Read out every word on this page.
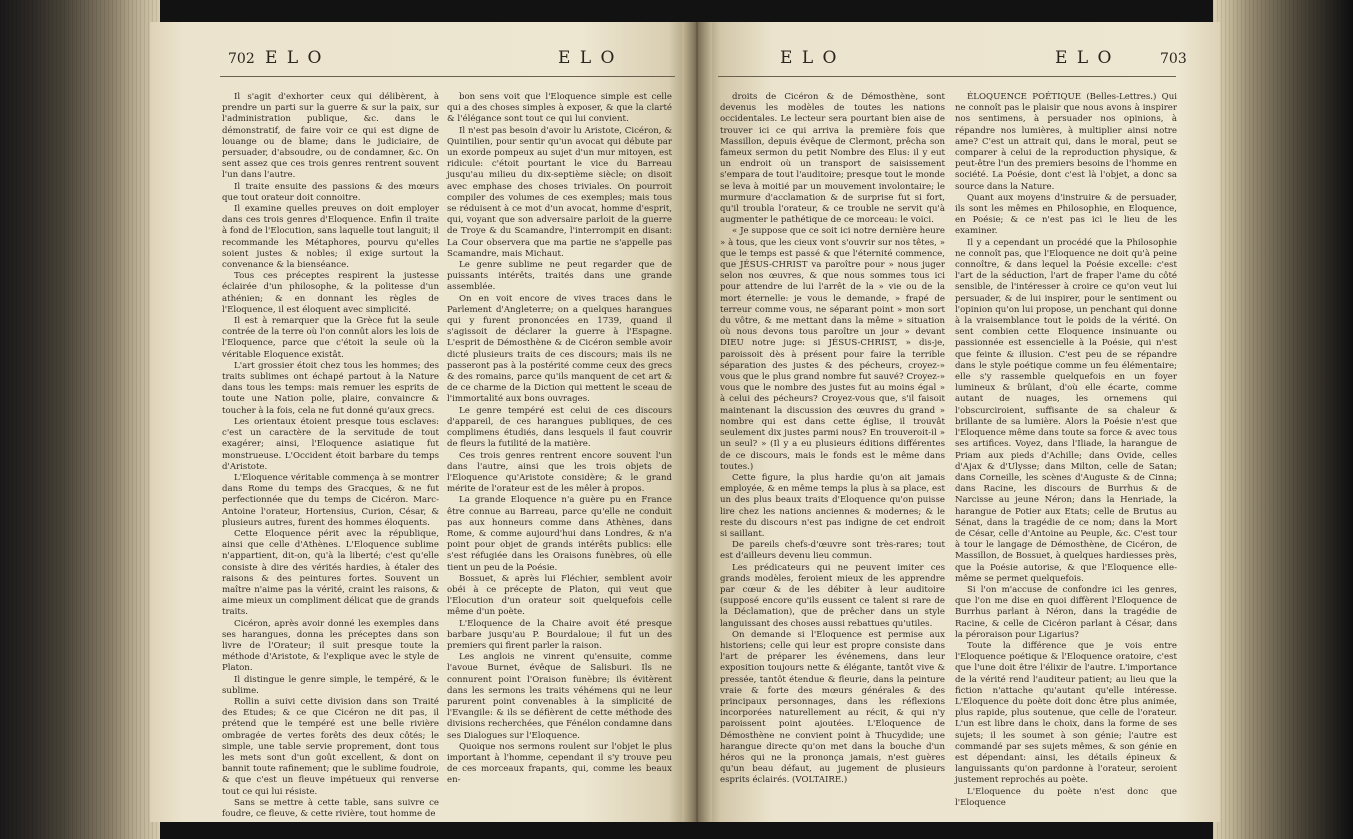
702 E L O	E L O	E L O	E L O	703

Il s'agit d'exhorter ceux qui délibèrent, à prendre un parti sur la guerre & sur la paix, sur l'administration publique, &c. dans le démonstratif, de faire voir ce qui est digne de louange ou de blame; dans le judiciaire, de persuader, d'absoudre, ou de condamner, &c. On sent assez que ces trois genres rentrent souvent l'un dans l'autre.

Il traite ensuite des passions & des mœurs que tout orateur doit connoitre.

Il examine quelles preuves on doit employer dans ces trois genres d'Eloquence. Enfin il traite à fond de l'Elocution, sans laquelle tout languit; il recommande les Métaphores, pourvu qu'elles soient justes & nobles; il exige surtout la convenance & la bienséance.

Tous ces préceptes respirent la justesse éclairée d'un philosophe, & la politesse d'un athénien; & en donnant les règles de l'Eloquence, il est éloquent avec simplicité.

Il est à remarquer que la Grèce fut la seule contrée de la terre où l'on connût alors les lois de l'Eloquence, parce que c'étoit la seule où la véritable Eloquence existât.

L'art grossier étoit chez tous les hommes; des traits sublimes ont échapé partout à la Nature dans tous les temps: mais remuer les esprits de toute une Nation polie, plaire, convaincre & toucher à la fois, cela ne fut donné qu'aux grecs.

Les orientaux étoient presque tous esclaves: c'est un caractère de la servitude de tout exagérer; ainsi, l'Eloquence asiatique fut monstrueuse. L'Occident étoit barbare du temps d'Aristote.

L'Eloquence véritable commença à se montrer dans Rome du temps des Gracques, & ne fut perfectionnée que du temps de Cicéron. Marc-Antoine l'orateur, Hortensius, Curion, César, & plusieurs autres, furent des hommes éloquents.

Cette Eloquence périt avec la république, ainsi que celle d'Athènes. L'Eloquence sublime n'appartient, dit-on, qu'à la liberté; c'est qu'elle consiste à dire des vérités hardies, à étaler des raisons & des peintures fortes. Souvent un maître n'aime pas la vérité, craint les raisons, & aime mieux un compliment délicat que de grands traits.

Cicéron, après avoir donné les exemples dans ses harangues, donna les préceptes dans son livre de l'Orateur; il suit presque toute la méthode d'Aristote, & l'explique avec le style de Platon.

Il distingue le genre simple, le tempéré, & le sublime.

Rollin a suivi cette division dans son Traité des Etudes; & ce que Cicéron ne dit pas, il prétend que le tempéré est une belle rivière ombragée de vertes forêts des deux côtés; le simple, une table servie proprement, dont tous les mets sont d'un goût excellent, & dont on bannit toute rafinement; que le sublime foudroie, & que c'est un fleuve impétueux qui renverse tout ce qui lui résiste.

Sans se mettre à cette table, sans suivre ce foudre, ce fleuve, & cette rivière, tout homme de

bon sens voit que l'Eloquence simple est celle qui a des choses simples à exposer, & que la clarté & l'élégance sont tout ce qui lui convient.

Il n'est pas besoin d'avoir lu Aristote, Cicéron, & Quintilien, pour sentir qu'un avocat qui débute par un exorde pompeux au sujet d'un mur mitoyen, est ridicule: c'étoit pourtant le vice du Barreau jusqu'au milieu du dix-septième siècle; on disoit avec emphase des choses triviales. On pourroit compiler des volumes de ces exemples; mais tous se réduisent à ce mot d'un avocat, homme d'esprit, qui, voyant que son adversaire parloit de la guerre de Troye & du Scamandre, l'interrompit en disant: La Cour observera que ma partie ne s'appelle pas Scamandre, mais Michaut.

Le genre sublime ne peut regarder que de puissants intérêts, traités dans une grande assemblée.

On en voit encore de vives traces dans le Parlement d'Angleterre; on a quelques harangues qui y furent prononcées en 1739, quand il s'agissoit de déclarer la guerre à l'Espagne. L'esprit de Démosthène & de Cicéron semble avoir dicté plusieurs traits de ces discours; mais ils ne passeront pas à la postérité comme ceux des grecs & des romains, parce qu'ils manquent de cet art & de ce charme de la Diction qui mettent le sceau de l'immortalité aux bons ouvrages.

Le genre tempéré est celui de ces discours d'appareil, de ces harangues publiques, de ces complimens étudiés, dans lesquels il faut couvrir de fleurs la futilité de la matière.

Ces trois genres rentrent encore souvent l'un dans l'autre, ainsi que les trois objets de l'Eloquence qu'Aristote considère; & le grand mérite de l'orateur est de les mêler à propos.

La grande Eloquence n'a guère pu en France être connue au Barreau, parce qu'elle ne conduit pas aux honneurs comme dans Athènes, dans Rome, & comme aujourd'hui dans Londres, & n'a point pour objet de grands intérêts publics: elle s'est réfugiée dans les Oraisons funèbres, où elle tient un peu de la Poésie.

Bossuet, & après lui Fléchier, semblent avoir obéi à ce précepte de Platon, qui veut que l'Elocution d'un orateur soit quelquefois celle même d'un poète.

L'Eloquence de la Chaire avoit été presque barbare jusqu'au P. Bourdaloue; il fut un des premiers qui firent parler la raison.

Les anglois ne vinrent qu'ensuite, comme l'avoue Burnet, évêque de Salisburi. Ils ne connurent point l'Oraison funèbre; ils évitèrent dans les sermons les traits véhémens qui ne leur parurent point convenables à la simplicité de l'Evangile: & ils se défièrent de cette méthode des divisions recherchées, que Fénélon condamne dans ses Dialogues sur l'Eloquence.

Quoique nos sermons roulent sur l'objet le plus important à l'homme, cependant il s'y trouve peu de ces morceaux frapants, qui, comme les beaux en-

droits de Cicéron & de Démosthène, sont devenus les modèles de toutes les nations occidentales. Le lecteur sera pourtant bien aise de trouver ici ce qui arriva la première fois que Massillon, depuis évêque de Clermont, prêcha son fameux sermon du petit Nombre des Elus: il y eut un endroit où un transport de saisissement s'empara de tout l'auditoire; presque tout le monde se leva à moitié par un mouvement involontaire; le murmure d'acclamation & de surprise fut si fort, qu'il troubla l'orateur, & ce trouble ne servit qu'à augmenter le pathétique de ce morceau: le voici.

« Je suppose que ce soit ici notre dernière heure » à tous, que les cieux vont s'ouvrir sur nos têtes, » que le temps est passé & que l'éternité commence, que JÉSUS-CHRIST va paroître pour » nous juger selon nos œuvres, & que nous sommes tous ici pour attendre de lui l'arrêt de la » vie ou de la mort éternelle: je vous le demande, » frapé de terreur comme vous, ne séparant point » mon sort du vôtre, & me mettant dans la même » situation où nous devons tous paroître un jour » devant DIEU notre juge: si JÉSUS-CHRIST, » dis-je, paroissoit dès à présent pour faire la terrible séparation des justes & des pécheurs, croyez-» vous que le plus grand nombre fut sauvé? Croyez-» vous que le nombre des justes fut au moins égal » à celui des pécheurs? Croyez-vous que, s'il faisoit maintenant la discussion des œuvres du grand » nombre qui est dans cette église, il trouvât seulement dix justes parmi nous? En trouveroit-il » un seul? » (Il y a eu plusieurs éditions différentes de ce discours, mais le fonds est le même dans toutes.)

Cette figure, la plus hardie qu'on ait jamais employée, & en même temps la plus à sa place, est un des plus beaux traits d'Eloquence qu'on puisse lire chez les nations anciennes & modernes; & le reste du discours n'est pas indigne de cet endroit si saillant.

De pareils chefs-d'œuvre sont très-rares; tout est d'ailleurs devenu lieu commun.

Les prédicateurs qui ne peuvent imiter ces grands modèles, feroient mieux de les apprendre par cœur & de les débiter à leur auditoire (supposé encore qu'ils eussent ce talent si rare de la Déclamation), que de prêcher dans un style languissant des choses aussi rebattues qu'utiles.

On demande si l'Eloquence est permise aux historiens; celle qui leur est propre consiste dans l'art de préparer les événemens, dans leur exposition toujours nette & élégante, tantôt vive & pressée, tantôt étendue & fleurie, dans la peinture vraie & forte des mœurs générales & des principaux personnages, dans les réflexions incorporées naturellement au récit, & qui n'y paroissent point ajoutées. L'Eloquence de Démosthène ne convient point à Thucydide; une harangue directe qu'on met dans la bouche d'un héros qui ne la prononça jamais, n'est guères qu'un beau défaut, au jugement de plusieurs esprits éclairés. (VOLTAIRE.)

ÉLOQUENCE POÉTIQUE (Belles-Lettres.) Qui ne connoît pas le plaisir que nous avons à inspirer nos sentimens, à persuader nos opinions, à répandre nos lumières, à multiplier ainsi notre ame? C'est un attrait qui, dans le moral, peut se comparer à celui de la reproduction physique, & peut-être l'un des premiers besoins de l'homme en société. La Poésie, dont c'est là l'objet, a donc sa source dans la Nature.

Quant aux moyens d'instruire & de persuader, ils sont les mêmes en Philosophie, en Eloquence, en Poésie; & ce n'est pas ici le lieu de les examiner.

Il y a cependant un procédé que la Philosophie ne connoît pas, que l'Eloquence ne doit qu'à peine connoître, & dans lequel la Poésie excelle: c'est l'art de la séduction, l'art de fraper l'ame du côté sensible, de l'intéresser à croire ce qu'on veut lui persuader, & de lui inspirer, pour le sentiment ou l'opinion qu'on lui propose, un penchant qui donne à la vraisemblance tout le poids de la vérité. On sent combien cette Eloquence insinuante ou passionnée est essencielle à la Poésie, qui n'est que feinte & illusion. C'est peu de se répandre dans le style poétique comme un feu élémentaire; elle s'y rassemble quelquefois en un foyer lumineux & brûlant, d'où elle écarte, comme autant de nuages, les ornemens qui l'obscurciroient, suffisante de sa chaleur & brillante de sa lumière. Alors la Poésie n'est que l'Eloquence même dans toute sa force & avec tous ses artifices. Voyez, dans l'Iliade, la harangue de Priam aux pieds d'Achille; dans Ovide, celles d'Ajax & d'Ulysse; dans Milton, celle de Satan; dans Corneille, les scènes d'Auguste & de Cinna; dans Racine, les discours de Burrhus & de Narcisse au jeune Néron; dans la Henriade, la harangue de Potier aux Etats; celle de Brutus au Sénat, dans la tragédie de ce nom; dans la Mort de César, celle d'Antoine au Peuple, &c. C'est tour à tour le langage de Démosthène, de Cicéron, de Massillon, de Bossuet, à quelques hardiesses près, que la Poésie autorise, & que l'Eloquence elle-même se permet quelquefois.

Si l'on m'accuse de confondre ici les genres, que l'on me dise en quoi diffèrent l'Eloquence de Burrhus parlant à Néron, dans la tragédie de Racine, & celle de Cicéron parlant à César, dans la péroraison pour Ligarius?

Toute la différence que je vois entre l'Eloquence poétique & l'Eloquence oratoire, c'est que l'une doit être l'élixir de l'autre. L'importance de la vérité rend l'auditeur patient; au lieu que la fiction n'attache qu'autant qu'elle intéresse. L'Eloquence du poète doit donc être plus animée, plus rapide, plus soutenue, que celle de l'orateur. L'un est libre dans le choix, dans la forme de ses sujets; il les soumet à son génie; l'autre est commandé par ses sujets mêmes, & son génie en est dépendant: ainsi, les détails épineux & languissants qu'on pardonne à l'orateur, seroient justement reprochés au poète.

L'Eloquence du poète n'est donc que l'Eloquence
